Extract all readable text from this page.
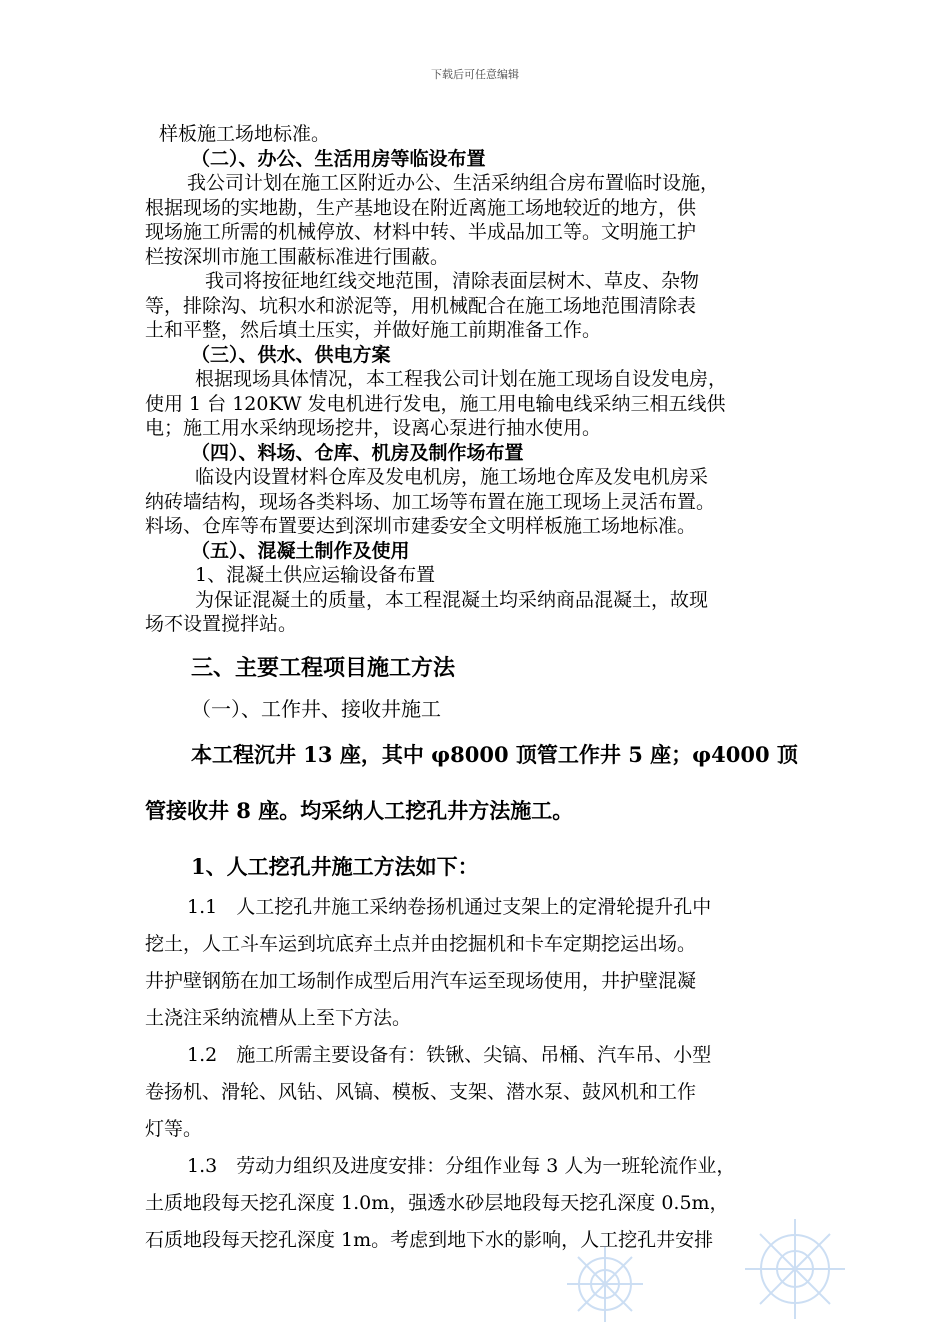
下载后可任意编辑

样板施工场地标准。

（二）、办公、生活用房等临设布置

我公司计划在施工区附近办公、生活采纳组合房布置临时设施，

根据现场的实地勘，生产基地设在附近离施工场地较近的地方，供

现场施工所需的机械停放、材料中转、半成品加工等。文明施工护

栏按深圳市施工围蔽标准进行围蔽。

我司将按征地红线交地范围，清除表面层树木、草皮、杂物

等，排除沟、坑积水和淤泥等，用机械配合在施工场地范围清除表

土和平整，然后填土压实，并做好施工前期准备工作。

（三）、供水、供电方案

根据现场具体情况，本工程我公司计划在施工现场自设发电房，

使用 1 台 120KW 发电机进行发电，施工用电输电线采纳三相五线供

电；施工用水采纳现场挖井，设离心泵进行抽水使用。

（四）、料场、仓库、机房及制作场布置

临设内设置材料仓库及发电机房，施工场地仓库及发电机房采

纳砖墙结构，现场各类料场、加工场等布置在施工现场上灵活布置。

料场、仓库等布置要达到深圳市建委安全文明样板施工场地标准。

（五）、混凝土制作及使用

1、混凝土供应运输设备布置

为保证混凝土的质量，本工程混凝土均采纳商品混凝土，故现

场不设置搅拌站。

三、主要工程项目施工方法

（一）、工作井、接收井施工

本工程沉井 13 座，其中 φ8000 顶管工作井 5 座；φ4000 顶

管接收井 8 座。均采纳人工挖孔井方法施工。

1、人工挖孔井施工方法如下：

1.1　人工挖孔井施工采纳卷扬机通过支架上的定滑轮提升孔中

挖土，人工斗车运到坑底弃土点并由挖掘机和卡车定期挖运出场。

井护壁钢筋在加工场制作成型后用汽车运至现场使用，井护壁混凝

土浇注采纳流槽从上至下方法。

1.2　施工所需主要设备有：铁锹、尖镐、吊桶、汽车吊、小型

卷扬机、滑轮、风钻、风镐、模板、支架、潜水泵、鼓风机和工作

灯等。

1.3　劳动力组织及进度安排：分组作业每 3 人为一班轮流作业，

土质地段每天挖孔深度 1.0m，强透水砂层地段每天挖孔深度 0.5m，

石质地段每天挖孔深度 1m。考虑到地下水的影响，人工挖孔井安排
